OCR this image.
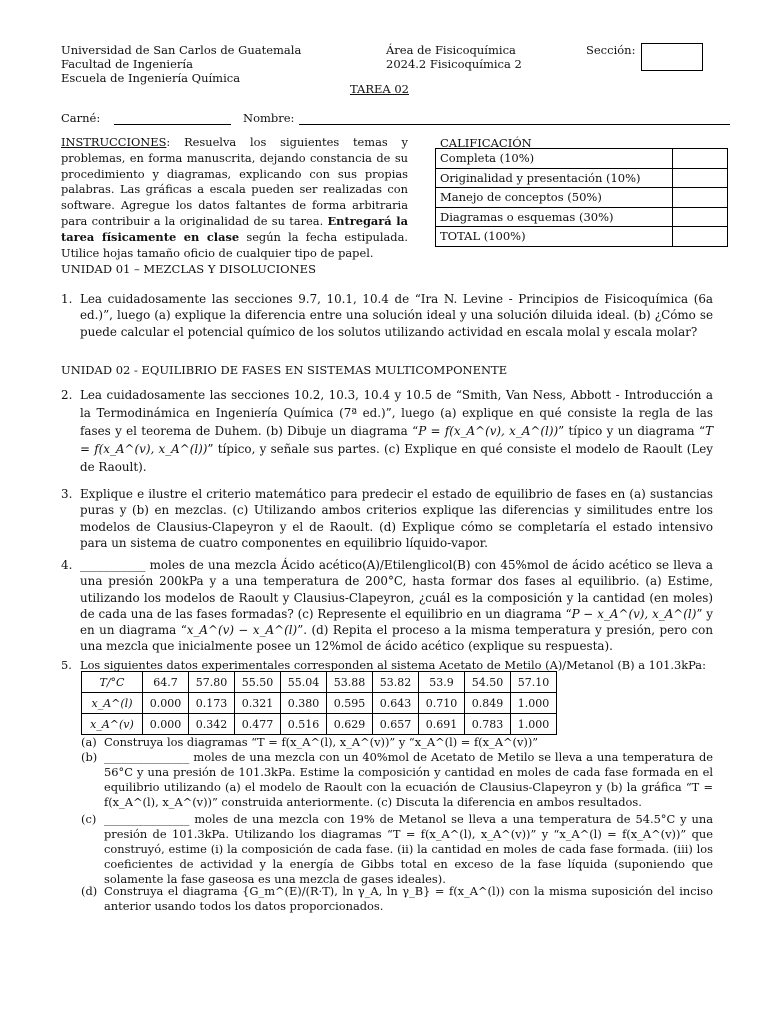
Universidad de San Carlos de Guatemala
Facultad de Ingeniería
Escuela de Ingeniería Química
Área de Fisicoquímica
2024.2 Fisicoquímica 2
Sección:
TAREA 02
Carné:	Nombre:
INSTRUCCIONES: Resuelva los siguientes temas y problemas, en forma manuscrita, dejando constancia de su procedimiento y diagramas, explicando con sus propias palabras. Las gráficas a escala pueden ser realizadas con software. Agregue los datos faltantes de forma arbitraria para contribuir a la originalidad de su tarea. Entregará la tarea físicamente en clase según la fecha estipulada. Utilice hojas tamaño oficio de cualquier tipo de papel.
CALIFICACIÓN
Completa (10%)	
Originalidad y presentación (10%)	
Manejo de conceptos (50%)	
Diagramas o esquemas (30%)	
TOTAL (100%)	
UNIDAD 01 – MEZCLAS Y DISOLUCIONES
1. Lea cuidadosamente las secciones 9.7, 10.1, 10.4 de “Ira N. Levine - Principios de Fisicoquímica (6a ed.)”, luego (a) explique la diferencia entre una solución ideal y una solución diluida ideal. (b) ¿Cómo se puede calcular el potencial químico de los solutos utilizando actividad en escala molal y escala molar?
UNIDAD 02 - EQUILIBRIO DE FASES EN SISTEMAS MULTICOMPONENTE
2. Lea cuidadosamente las secciones 10.2, 10.3, 10.4 y 10.5 de “Smith, Van Ness, Abbott - Introducción a la Termodinámica en Ingeniería Química (7ª ed.)”, luego (a) explique en qué consiste la regla de las fases y el teorema de Duhem. (b) Dibuje un diagrama “P = f(x_A^(v), x_A^(l))” típico y un diagrama “T = f(x_A^(v), x_A^(l))” típico, y señale sus partes. (c) Explique en qué consiste el modelo de Raoult (Ley de Raoult).
3. Explique e ilustre el criterio matemático para predecir el estado de equilibrio de fases en (a) sustancias puras y (b) en mezclas. (c) Utilizando ambos criterios explique las diferencias y similitudes entre los modelos de Clausius-Clapeyron y el de Raoult. (d) Explique cómo se completaría el estado intensivo para un sistema de cuatro componentes en equilibrio líquido-vapor.
4. ___________ moles de una mezcla Ácido acético(A)/Etilenglicol(B) con 45%mol de ácido acético se lleva a una presión 200kPa y a una temperatura de 200°C, hasta formar dos fases al equilibrio. (a) Estime, utilizando los modelos de Raoult y Clausius-Clapeyron, ¿cuál es la composición y la cantidad (en moles) de cada una de las fases formadas? (c) Represente el equilibrio en un diagrama “P − x_A^(v), x_A^(l)” y en un diagrama “x_A^(v) − x_A^(l)”. (d) Repita el proceso a la misma temperatura y presión, pero con una mezcla que inicialmente posee un 12%mol de ácido acético (explique su respuesta).
5. Los siguientes datos experimentales corresponden al sistema Acetato de Metilo (A)/Metanol (B) a 101.3kPa:
T/°C	64.7	57.80	55.50	55.04	53.88	53.82	53.9	54.50	57.10
x_A^(l)	0.000	0.173	0.321	0.380	0.595	0.643	0.710	0.849	1.000
x_A^(v)	0.000	0.342	0.477	0.516	0.629	0.657	0.691	0.783	1.000
(a) Construya los diagramas “T = f(x_A^(l), x_A^(v))” y “x_A^(l) = f(x_A^(v))”
(b) _______________ moles de una mezcla con un 40%mol de Acetato de Metilo se lleva a una temperatura de 56°C y una presión de 101.3kPa. Estime la composición y cantidad en moles de cada fase formada en el equilibrio utilizando (a) el modelo de Raoult con la ecuación de Clausius-Clapeyron y (b) la gráfica “T = f(x_A^(l), x_A^(v))” construida anteriormente. (c) Discuta la diferencia en ambos resultados.
(c) _______________ moles de una mezcla con 19% de Metanol se lleva a una temperatura de 54.5°C y una presión de 101.3kPa. Utilizando los diagramas “T = f(x_A^(l), x_A^(v))” y “x_A^(l) = f(x_A^(v))” que construyó, estime (i) la composición de cada fase. (ii) la cantidad en moles de cada fase formada. (iii) los coeficientes de actividad y la energía de Gibbs total en exceso de la fase líquida (suponiendo que solamente la fase gaseosa es una mezcla de gases ideales).
(d) Construya el diagrama {G_m^(E)/(R·T), ln γ_A, ln γ_B} = f(x_A^(l)) con la misma suposición del inciso anterior usando todos los datos proporcionados.
